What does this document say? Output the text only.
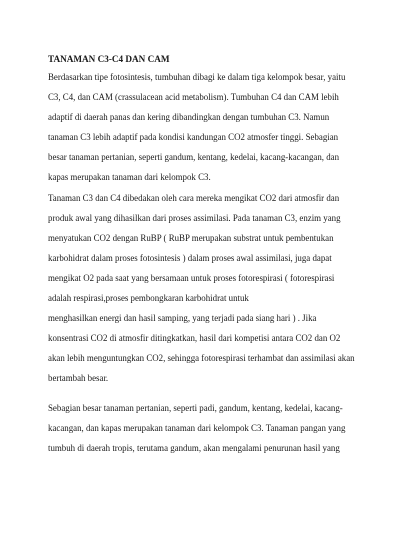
TANAMAN C3-C4 DAN CAM
Berdasarkan tipe fotosintesis, tumbuhan dibagi ke dalam tiga kelompok besar, yaitu
C3, C4, dan CAM (crassulacean acid metabolism). Tumbuhan C4 dan CAM lebih
adaptif di daerah panas dan kering dibandingkan dengan tumbuhan C3. Namun
tanaman C3 lebih adaptif pada kondisi kandungan CO2 atmosfer tinggi. Sebagian
besar tanaman pertanian, seperti gandum, kentang, kedelai, kacang-kacangan, dan
kapas merupakan tanaman dari kelompok C3.
Tanaman C3 dan C4 dibedakan oleh cara mereka mengikat CO2 dari atmosfir dan
produk awal yang dihasilkan dari proses assimilasi. Pada tanaman C3, enzim yang
menyatukan CO2 dengan RuBP ( RuBP merupakan substrat untuk pembentukan
karbohidrat dalam proses fotosintesis ) dalam proses awal assimilasi, juga dapat
mengikat O2 pada saat yang bersamaan untuk proses fotorespirasi ( fotorespirasi
adalah respirasi,proses pembongkaran karbohidrat untuk
menghasilkan energi dan hasil samping, yang terjadi pada siang hari ) . Jika
konsentrasi CO2 di atmosfir ditingkatkan, hasil dari kompetisi antara CO2 dan O2
akan lebih menguntungkan CO2, sehingga fotorespirasi terhambat dan assimilasi akan
bertambah besar.
Sebagian besar tanaman pertanian, seperti padi, gandum, kentang, kedelai, kacang-
kacangan, dan kapas merupakan tanaman dari kelompok C3. Tanaman pangan yang
tumbuh di daerah tropis, terutama gandum, akan mengalami penurunan hasil yang
